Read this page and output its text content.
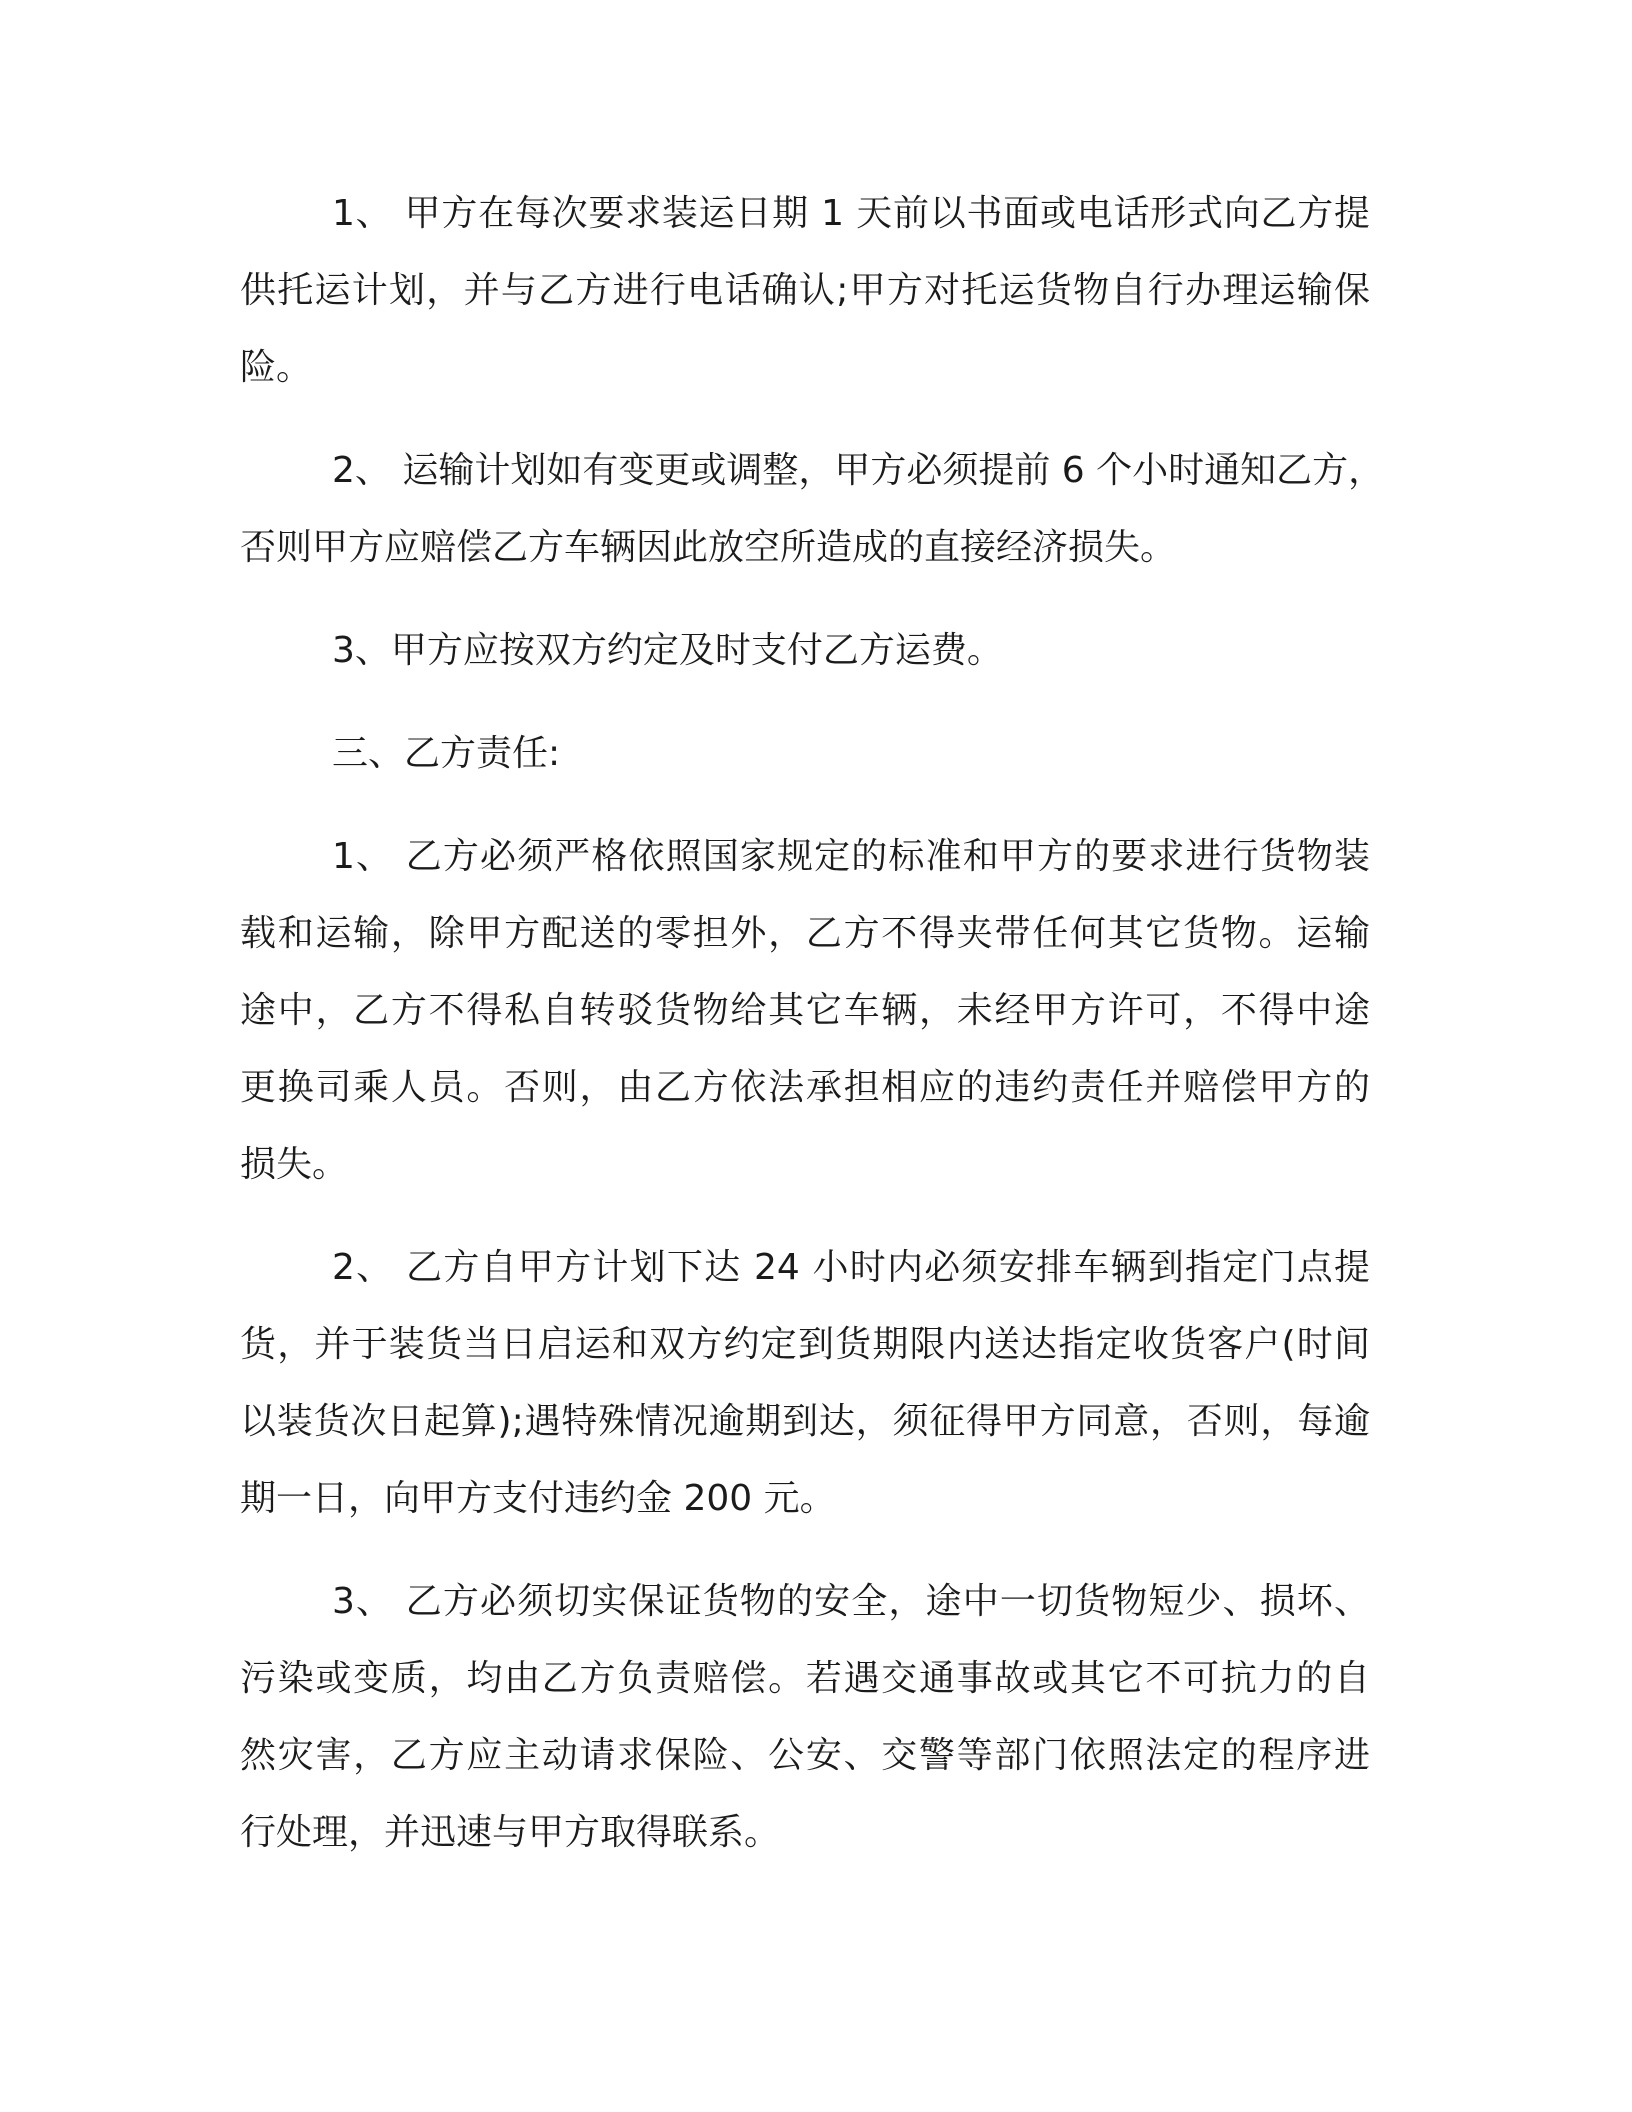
1、 甲方在每次要求装运日期 1 天前以书面或电话形式向乙方提
供托运计划，并与乙方进行电话确认;甲方对托运货物自行办理运输保
险。
2、 运输计划如有变更或调整，甲方必须提前 6 个小时通知乙方，
否则甲方应赔偿乙方车辆因此放空所造成的直接经济损失。
3、甲方应按双方约定及时支付乙方运费。
三、乙方责任:
1、 乙方必须严格依照国家规定的标准和甲方的要求进行货物装
载和运输，除甲方配送的零担外，乙方不得夹带任何其它货物。运输
途中，乙方不得私自转驳货物给其它车辆，未经甲方许可，不得中途
更换司乘人员。否则，由乙方依法承担相应的违约责任并赔偿甲方的
损失。
2、 乙方自甲方计划下达 24 小时内必须安排车辆到指定门点提
货，并于装货当日启运和双方约定到货期限内送达指定收货客户(时间
以装货次日起算);遇特殊情况逾期到达，须征得甲方同意，否则，每逾
期一日，向甲方支付违约金 200 元。
3、 乙方必须切实保证货物的安全，途中一切货物短少、损坏、
污染或变质，均由乙方负责赔偿。若遇交通事故或其它不可抗力的自
然灾害，乙方应主动请求保险、公安、交警等部门依照法定的程序进
行处理，并迅速与甲方取得联系。
